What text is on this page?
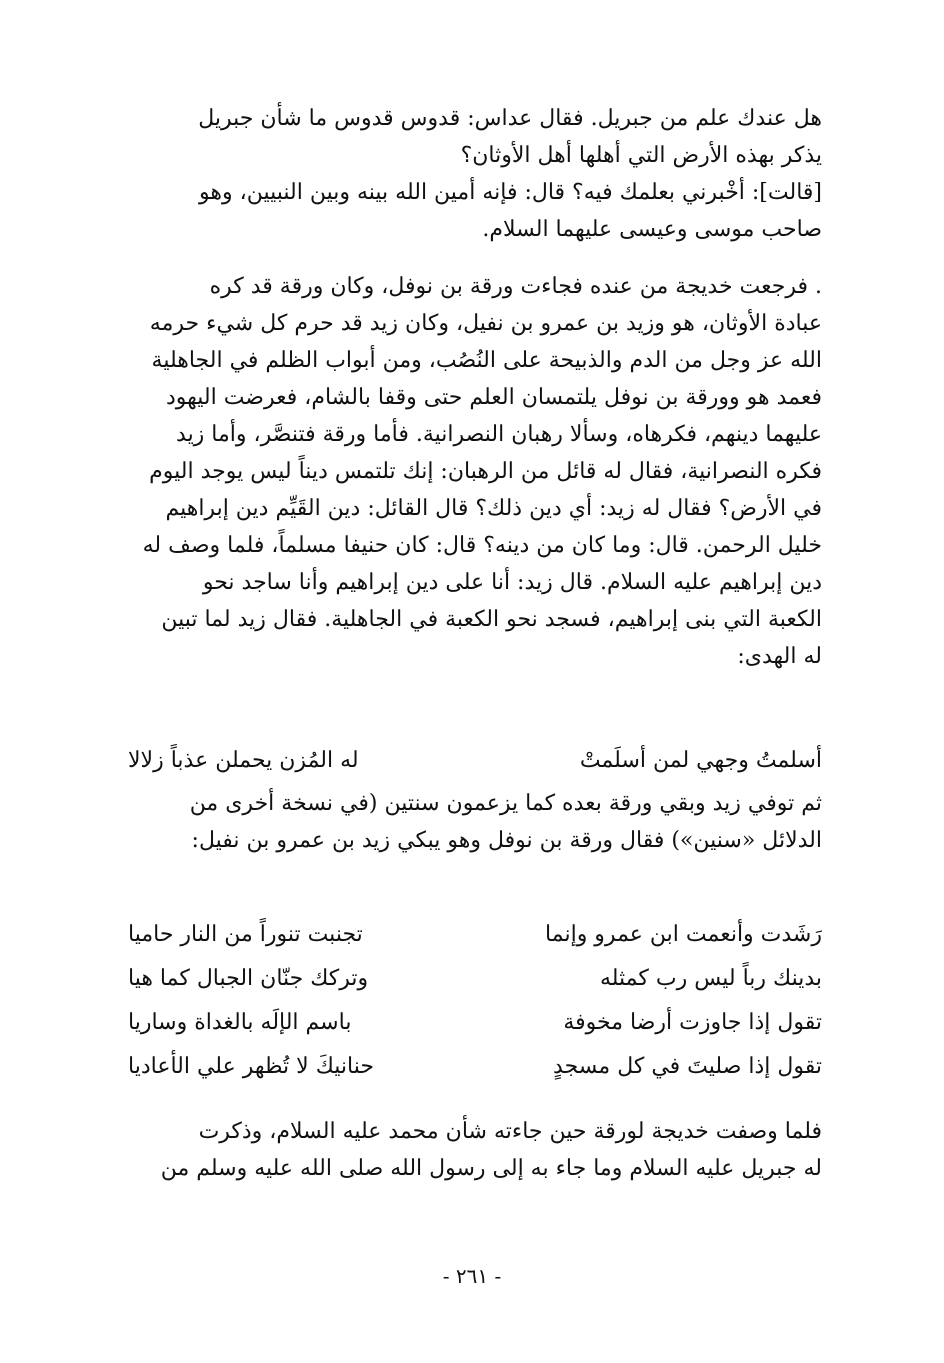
هل عندك علم من جبريل. فقال عداس: قدوس قدوس ما شأن جبريل
يذكر بهذه الأرض التي أهلها أهل الأوثان؟
[قالت]: أخْبرني بعلمك فيه؟ قال: فإنه أمين الله بينه وبين النبيين، وهو
صاحب موسى وعيسى عليهما السلام.
. فرجعت خديجة من عنده فجاءت ورقة بن نوفل، وكان ورقة قد كره
عبادة الأوثان، هو وزيد بن عمرو بن نفيل، وكان زيد قد حرم كل شيء حرمه
الله عز وجل من الدم والذبيحة على النُصُب، ومن أبواب الظلم في الجاهلية
فعمد هو وورقة بن نوفل يلتمسان العلم حتى وقفا بالشام، فعرضت اليهود
عليهما دينهم، فكرهاه، وسألا رهبان النصرانية. فأما ورقة فتنصَّر، وأما زيد
فكره النصرانية، فقال له قائل من الرهبان: إنك تلتمس ديناً ليس يوجد اليوم
في الأرض؟ فقال له زيد: أي دين ذلك؟ قال القائل: دين القَيِّم دين إبراهيم
خليل الرحمن. قال: وما كان من دينه؟ قال: كان حنيفا مسلماً، فلما وصف له
دين إبراهيم عليه السلام. قال زيد: أنا على دين إبراهيم وأنا ساجد نحو
الكعبة التي بنى إبراهيم، فسجد نحو الكعبة في الجاهلية. فقال زيد لما تبين
له الهدى:
أسلمتُ وجهي لمن أسلَمتْ
له المُزن يحملن عذباً زلالا
ثم توفي زيد وبقي ورقة بعده كما يزعمون سنتين (في نسخة أخرى من
الدلائل «سنين») فقال ورقة بن نوفل وهو يبكي زيد بن عمرو بن نفيل:
رَشَدت وأنعمت ابن عمرو وإنما
تجنبت تنوراً من النار حاميا
بدينك رباً ليس رب كمثله
وتركك جنّان الجبال كما هيا
تقول إذا جاوزت أرضا مخوفة
باسم الإلَه بالغداة وساريا
تقول إذا صليتَ في كل مسجدٍ
حنانيكَ لا تُظهر علي الأعاديا
فلما وصفت خديجة لورقة حين جاءته شأن محمد عليه السلام، وذكرت
له جبريل عليه السلام وما جاء به إلى رسول الله صلى الله عليه وسلم من
- ٢٦١ -
